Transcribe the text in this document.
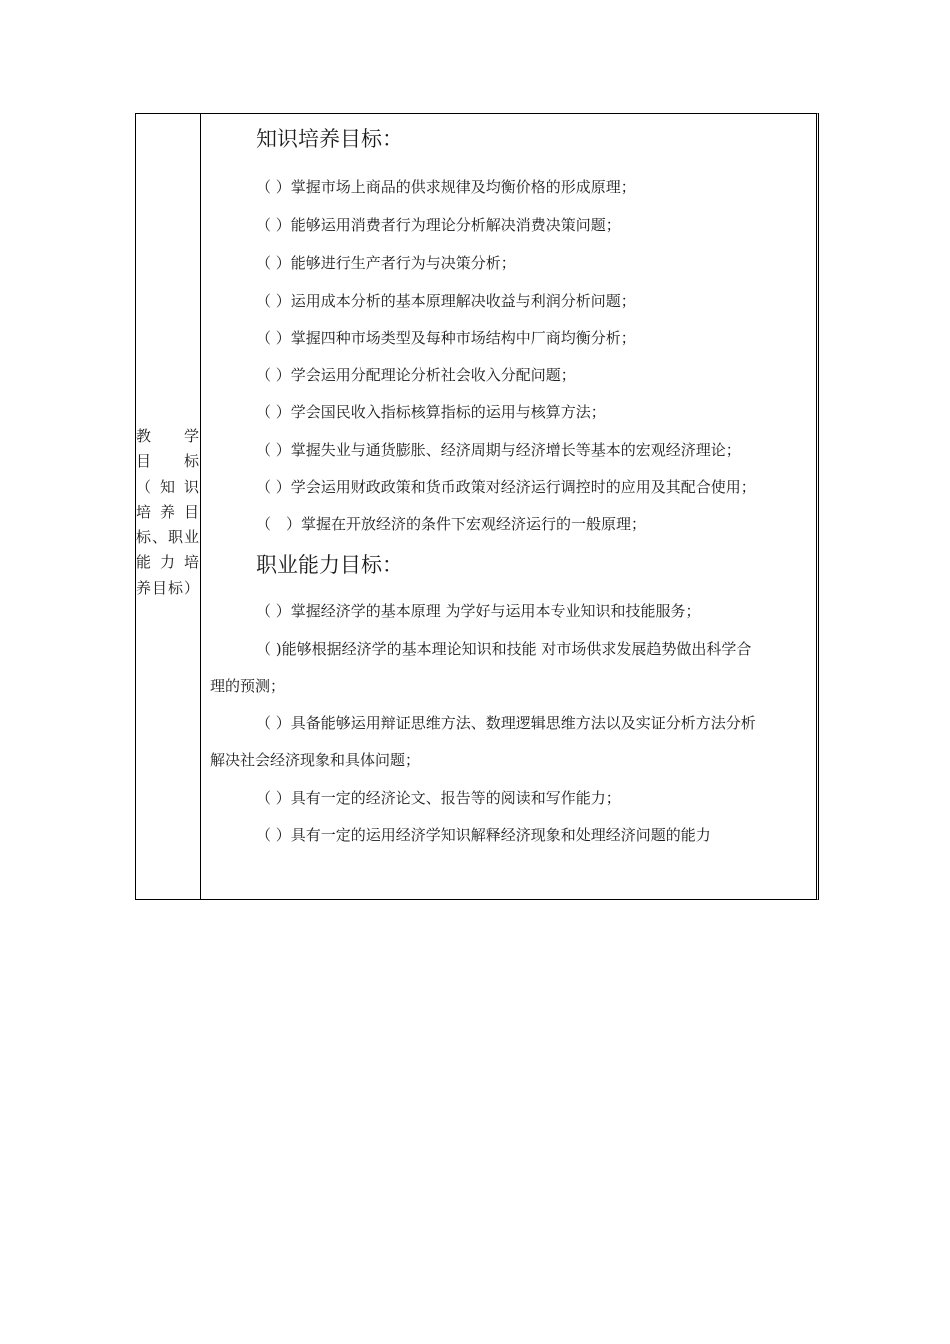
教 学
目 标
（知识
培养目
标、职业
能力培
养目标）
知识培养目标：
（ ）掌握市场上商品的供求规律及均衡价格的形成原理；
（ ）能够运用消费者行为理论分析解决消费决策问题；
（ ）能够进行生产者行为与决策分析；
（ ）运用成本分析的基本原理解决收益与利润分析问题；
（ ）掌握四种市场类型及每种市场结构中厂商均衡分析；
（ ）学会运用分配理论分析社会收入分配问题；
（ ）学会国民收入指标核算指标的运用与核算方法；
（ ）掌握失业与通货膨胀、经济周期与经济增长等基本的宏观经济理论；
（ ）学会运用财政政策和货币政策对经济运行调控时的应用及其配合使用；
（　）掌握在开放经济的条件下宏观经济运行的一般原理；
职业能力目标：
（ ）掌握经济学的基本原理 为学好与运用本专业知识和技能服务；
（ )能够根据经济学的基本理论知识和技能 对市场供求发展趋势做出科学合
理的预测；
（ ）具备能够运用辩证思维方法、数理逻辑思维方法以及实证分析方法分析
解决社会经济现象和具体问题；
（ ）具有一定的经济论文、报告等的阅读和写作能力；
（ ）具有一定的运用经济学知识解释经济现象和处理经济问题的能力
